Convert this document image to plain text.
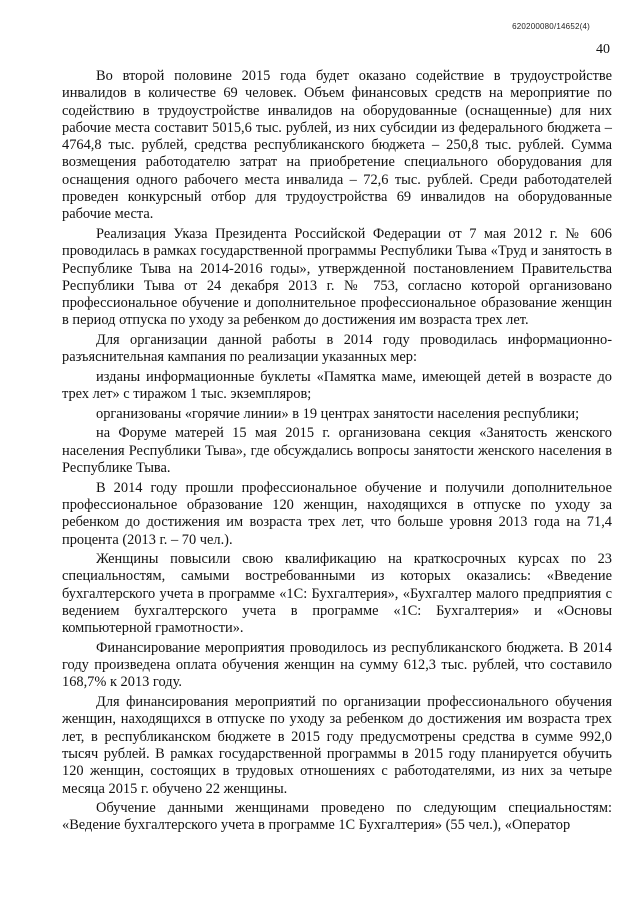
620200080/14652(4)
40

Во второй половине 2015 года будет оказано содействие в трудоустройстве инвалидов в количестве 69 человек. Объем финансовых средств на мероприятие по содействию в трудоустройстве инвалидов на оборудованные (оснащенные) для них рабочие места составит 5015,6 тыс. рублей, из них субсидии из федерального бюджета – 4764,8 тыс. рублей, средства республиканского бюджета – 250,8 тыс. рублей. Сумма возмещения работодателю затрат на приобретение специального оборудования для оснащения одного рабочего места инвалида – 72,6 тыс. рублей. Среди работодателей проведен конкурсный отбор для трудоустройства 69 инвалидов на оборудованные рабочие места.

Реализация Указа Президента Российской Федерации от 7 мая 2012 г. № 606 проводилась в рамках государственной программы Республики Тыва «Труд и занятость в Республике Тыва на 2014-2016 годы», утвержденной постановлением Правительства Республики Тыва от 24 декабря 2013 г. № 753, согласно которой организовано профессиональное обучение и дополнительное профессиональное образование женщин в период отпуска по уходу за ребенком до достижения им возраста трех лет.

Для организации данной работы в 2014 году проводилась информационно-разъяснительная кампания по реализации указанных мер:

изданы информационные буклеты «Памятка маме, имеющей детей в возрасте до трех лет» с тиражом 1 тыс. экземпляров;

организованы «горячие линии» в 19 центрах занятости населения республики;

на Форуме матерей 15 мая 2015 г. организована секция «Занятость женского населения Республики Тыва», где обсуждались вопросы занятости женского населения в Республике Тыва.

В 2014 году прошли профессиональное обучение и получили дополнительное профессиональное образование 120 женщин, находящихся в отпуске по уходу за ребенком до достижения им возраста трех лет, что больше уровня 2013 года на 71,4 процента (2013 г. – 70 чел.).

Женщины повысили свою квалификацию на краткосрочных курсах по 23 специальностям, самыми востребованными из которых оказались: «Введение бухгалтерского учета в программе «1С: Бухгалтерия», «Бухгалтер малого предприятия с ведением бухгалтерского учета в программе «1С: Бухгалтерия» и «Основы компьютерной грамотности».

Финансирование мероприятия проводилось из республиканского бюджета. В 2014 году произведена оплата обучения женщин на сумму 612,3 тыс. рублей, что составило 168,7% к 2013 году.

Для финансирования мероприятий по организации профессионального обучения женщин, находящихся в отпуске по уходу за ребенком до достижения им возраста трех лет, в республиканском бюджете в 2015 году предусмотрены средства в сумме 992,0 тысяч рублей. В рамках государственной программы в 2015 году планируется обучить 120 женщин, состоящих в трудовых отношениях с работодателями, из них за четыре месяца 2015 г. обучено 22 женщины.

Обучение данными женщинами проведено по следующим специальностям: «Ведение бухгалтерского учета в программе 1С Бухгалтерия» (55 чел.), «Оператор
